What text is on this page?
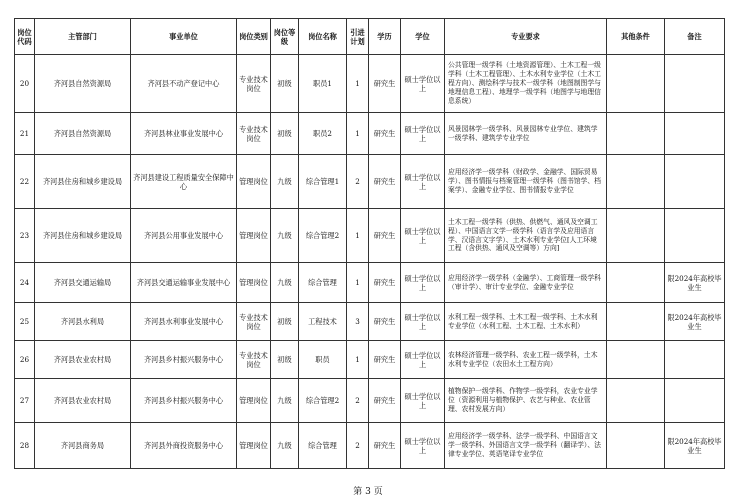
岗位代码	主管部门	事业单位	岗位类别	岗位等级	岗位名称	引进计划	学历	学位	专业要求	其他条件	备注
20	齐河县自然资源局	齐河县不动产登记中心	专业技术岗位	初级	职员1	1	研究生	硕士学位以上	公共管理一级学科（土地资源管理）、土木工程一级学科（土木工程管理）、土木水利专业学位（土木工程方向）、测绘科学与技术一级学科（地图制图学与地理信息工程）、地理学一级学科（地图学与地理信息系统）		
21	齐河县自然资源局	齐河县林业事业发展中心	专业技术岗位	初级	职员2	1	研究生	硕士学位以上	风景园林学一级学科、风景园林专业学位、建筑学一级学科、建筑学专业学位		
22	齐河县住房和城乡建设局	齐河县建设工程质量安全保障中心	管理岗位	九级	综合管理1	2	研究生	硕士学位以上	应用经济学一级学科（财政学、金融学、国际贸易学）、图书情报与档案管理一级学科（图书馆学、档案学）、金融专业学位、图书情报专业学位		
23	齐河县住房和城乡建设局	齐河县公用事业发展中心	管理岗位	九级	综合管理2	1	研究生	硕士学位以上	土木工程一级学科（供热、供燃气、通风及空调工程）、中国语言文学一级学科（语言学及应用语言学、汉语言文字学）、土木水利专业学位[人工环境工程（含供热、通风及空调等）方向]		
24	齐河县交通运输局	齐河县交通运输事业发展中心	管理岗位	九级	综合管理	1	研究生	硕士学位以上	应用经济学一级学科（金融学）、工商管理一级学科（审计学）、审计专业学位、金融专业学位		限2024年高校毕业生
25	齐河县水利局	齐河县水利事业发展中心	专业技术岗位	初级	工程技术	3	研究生	硕士学位以上	水利工程一级学科、土木工程一级学科、土木水利专业学位（水利工程、土木工程、土木水利）		限2024年高校毕业生
26	齐河县农业农村局	齐河县乡村振兴服务中心	专业技术岗位	初级	职员	1	研究生	硕士学位以上	农林经济管理一级学科、农业工程一级学科，土木水利专业学位（农田水土工程方向）		
27	齐河县农业农村局	齐河县乡村振兴服务中心	管理岗位	九级	综合管理2	2	研究生	硕士学位以上	植物保护一级学科、作物学一级学科，农业专业学位（资源利用与植物保护、农艺与种业、农业管理、农村发展方向）		
28	齐河县商务局	齐河县外商投资服务中心	管理岗位	九级	综合管理	2	研究生	硕士学位以上	应用经济学一级学科、法学一级学科、中国语言文学一级学科、外国语言文学一级学科（翻译学）、法律专业学位、英语笔译专业学位		限2024年高校毕业生
第 3 页
